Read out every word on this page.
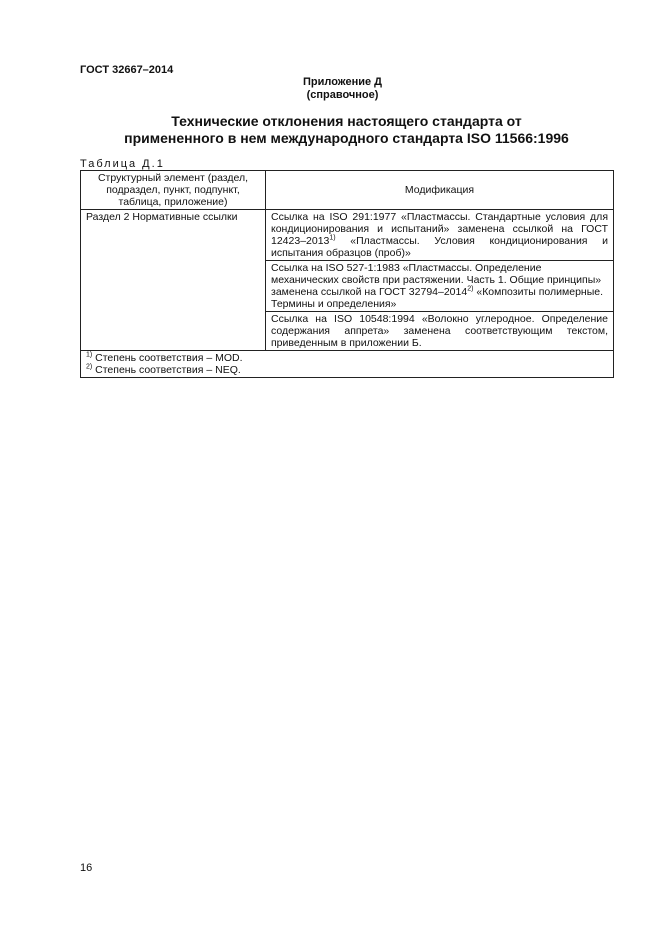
ГОСТ 32667–2014
Приложение Д
(справочное)
Технические отклонения настоящего стандарта от
примененного в нем международного стандарта ISO 11566:1996
Таблица Д.1
Структурный элемент (раздел,
подраздел, пункт, подпункт,
таблица, приложение)	Модификация
Раздел 2 Нормативные ссылки	Ссылка на ISO 291:1977 «Пластмассы. Стандартные условия для кондиционирования и испытаний» заменена ссылкой на ГОСТ 12423–2013$^{1)}$ «Пластмассы. Условия кондиционирования и испытания образцов (проб)»
	Ссылка на ISO 527-1:1983 «Пластмассы. Определение механических свойств при растяжении. Часть 1. Общие принципы» заменена ссылкой на ГОСТ 32794–2014$^{2)}$ «Композиты полимерные. Термины и определения»
	Ссылка на ISO 10548:1994 «Волокно углеродное. Определение содержания аппрета» заменена соответствующим текстом, приведенным в приложении Б.

$^{1)}$ Степень соответствия – MOD.
$^{2)}$ Степень соответствия – NEQ.	
16
